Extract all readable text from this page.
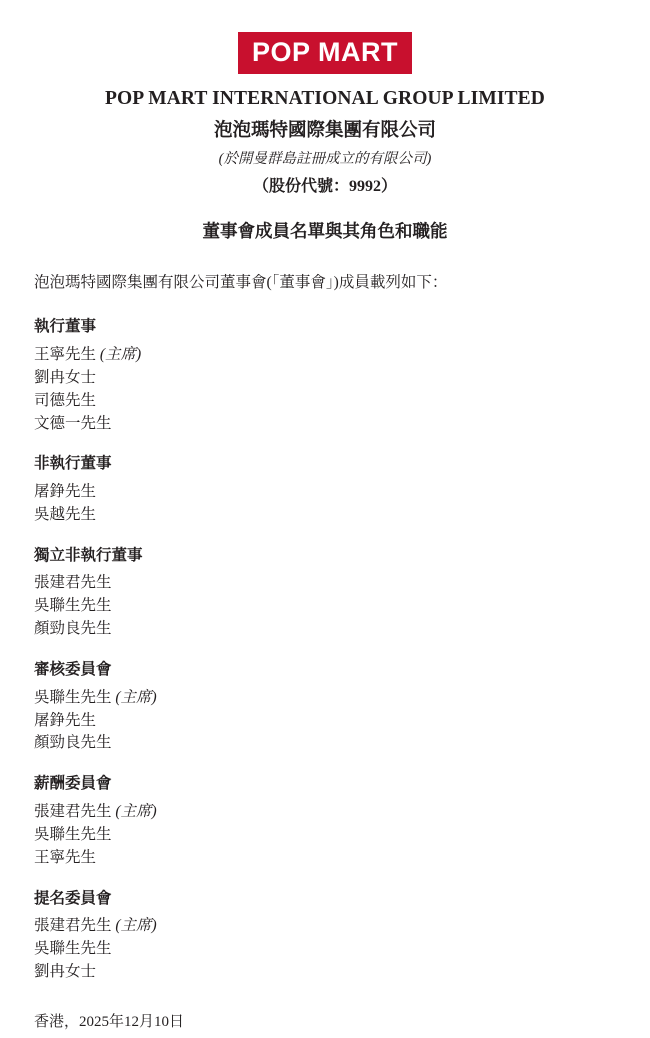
POP MART
POP MART INTERNATIONAL GROUP LIMITED
泡泡瑪特國際集團有限公司

(於開曼群島註冊成立的有限公司)

（股份代號：9992）

董事會成員名單與其角色和職能

泡泡瑪特國際集團有限公司董事會(「董事會」)成員載列如下：

執行董事

王寧先生 (主席)

劉冉女士

司德先生

文德一先生

非執行董事

屠錚先生

吳越先生

獨立非執行董事

張建君先生

吳聯生先生

顏勁良先生

審核委員會

吳聯生先生 (主席)

屠錚先生

顏勁良先生

薪酬委員會

張建君先生 (主席)

吳聯生先生

王寧先生

提名委員會

張建君先生 (主席)

吳聯生先生

劉冉女士

香港，2025年12月10日
